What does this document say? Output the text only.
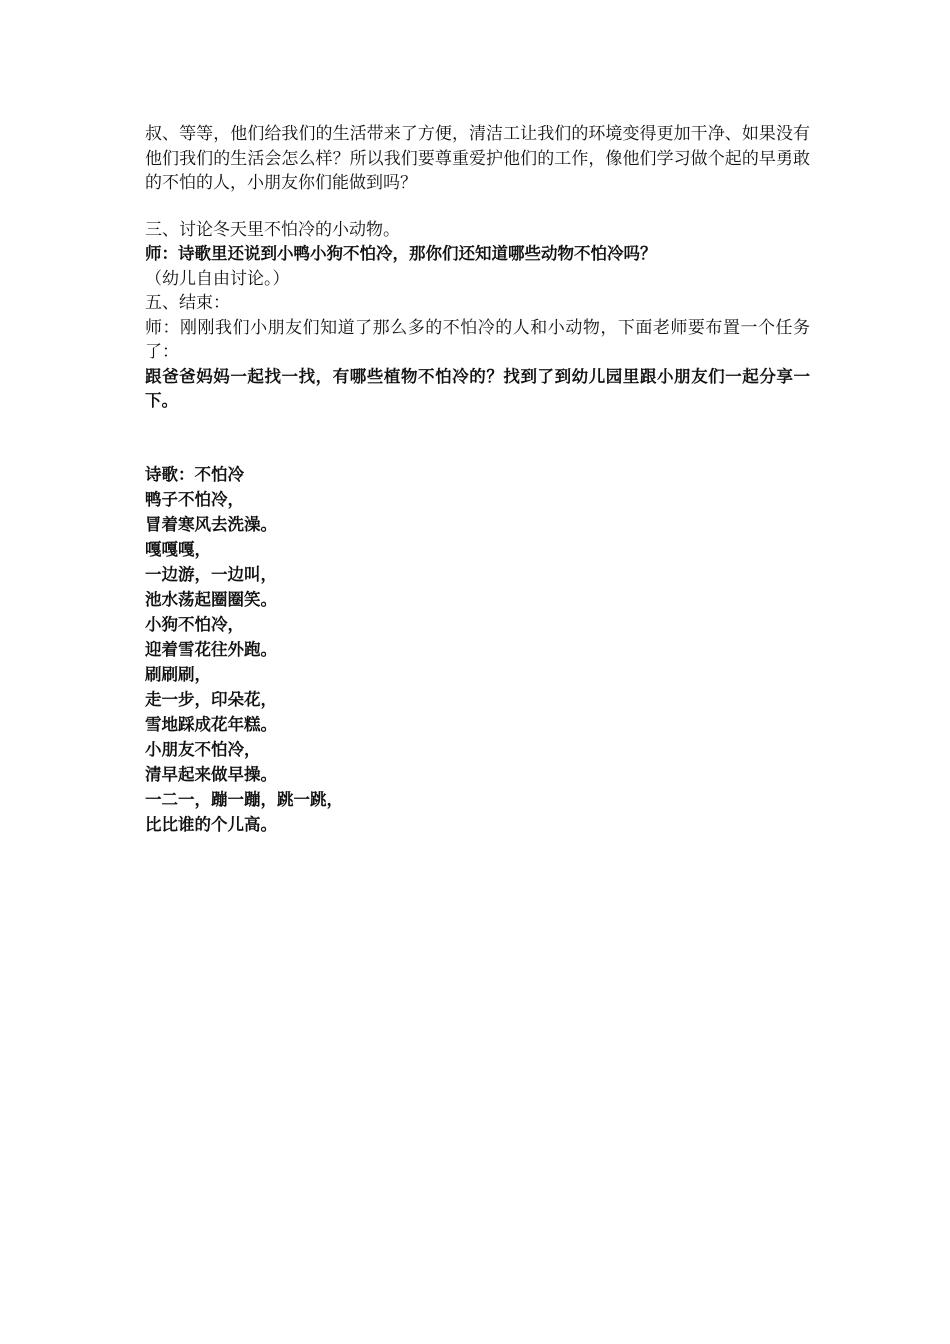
叔、等等，他们给我们的生活带来了方便，清洁工让我们的环境变得更加干净、如果没有他们我们的生活会怎么样？所以我们要尊重爱护他们的工作，像他们学习做个起的早勇敢的不怕的人，小朋友你们能做到吗？

三、讨论冬天里不怕冷的小动物。

师：诗歌里还说到小鸭小狗不怕冷，那你们还知道哪些动物不怕冷吗？

（幼儿自由讨论。）

五、结束：

师：刚刚我们小朋友们知道了那么多的不怕冷的人和小动物，下面老师要布置一个任务了：

跟爸爸妈妈一起找一找，有哪些植物不怕冷的？找到了到幼儿园里跟小朋友们一起分享一下。

诗歌：不怕冷

鸭子不怕冷，

冒着寒风去洗澡。

嘎嘎嘎，

一边游，一边叫，

池水荡起圈圈笑。

小狗不怕冷，

迎着雪花往外跑。

刷刷刷，

走一步，印朵花，

雪地踩成花年糕。

小朋友不怕冷，

清早起来做早操。

一二一，蹦一蹦，跳一跳，

比比谁的个儿高。
